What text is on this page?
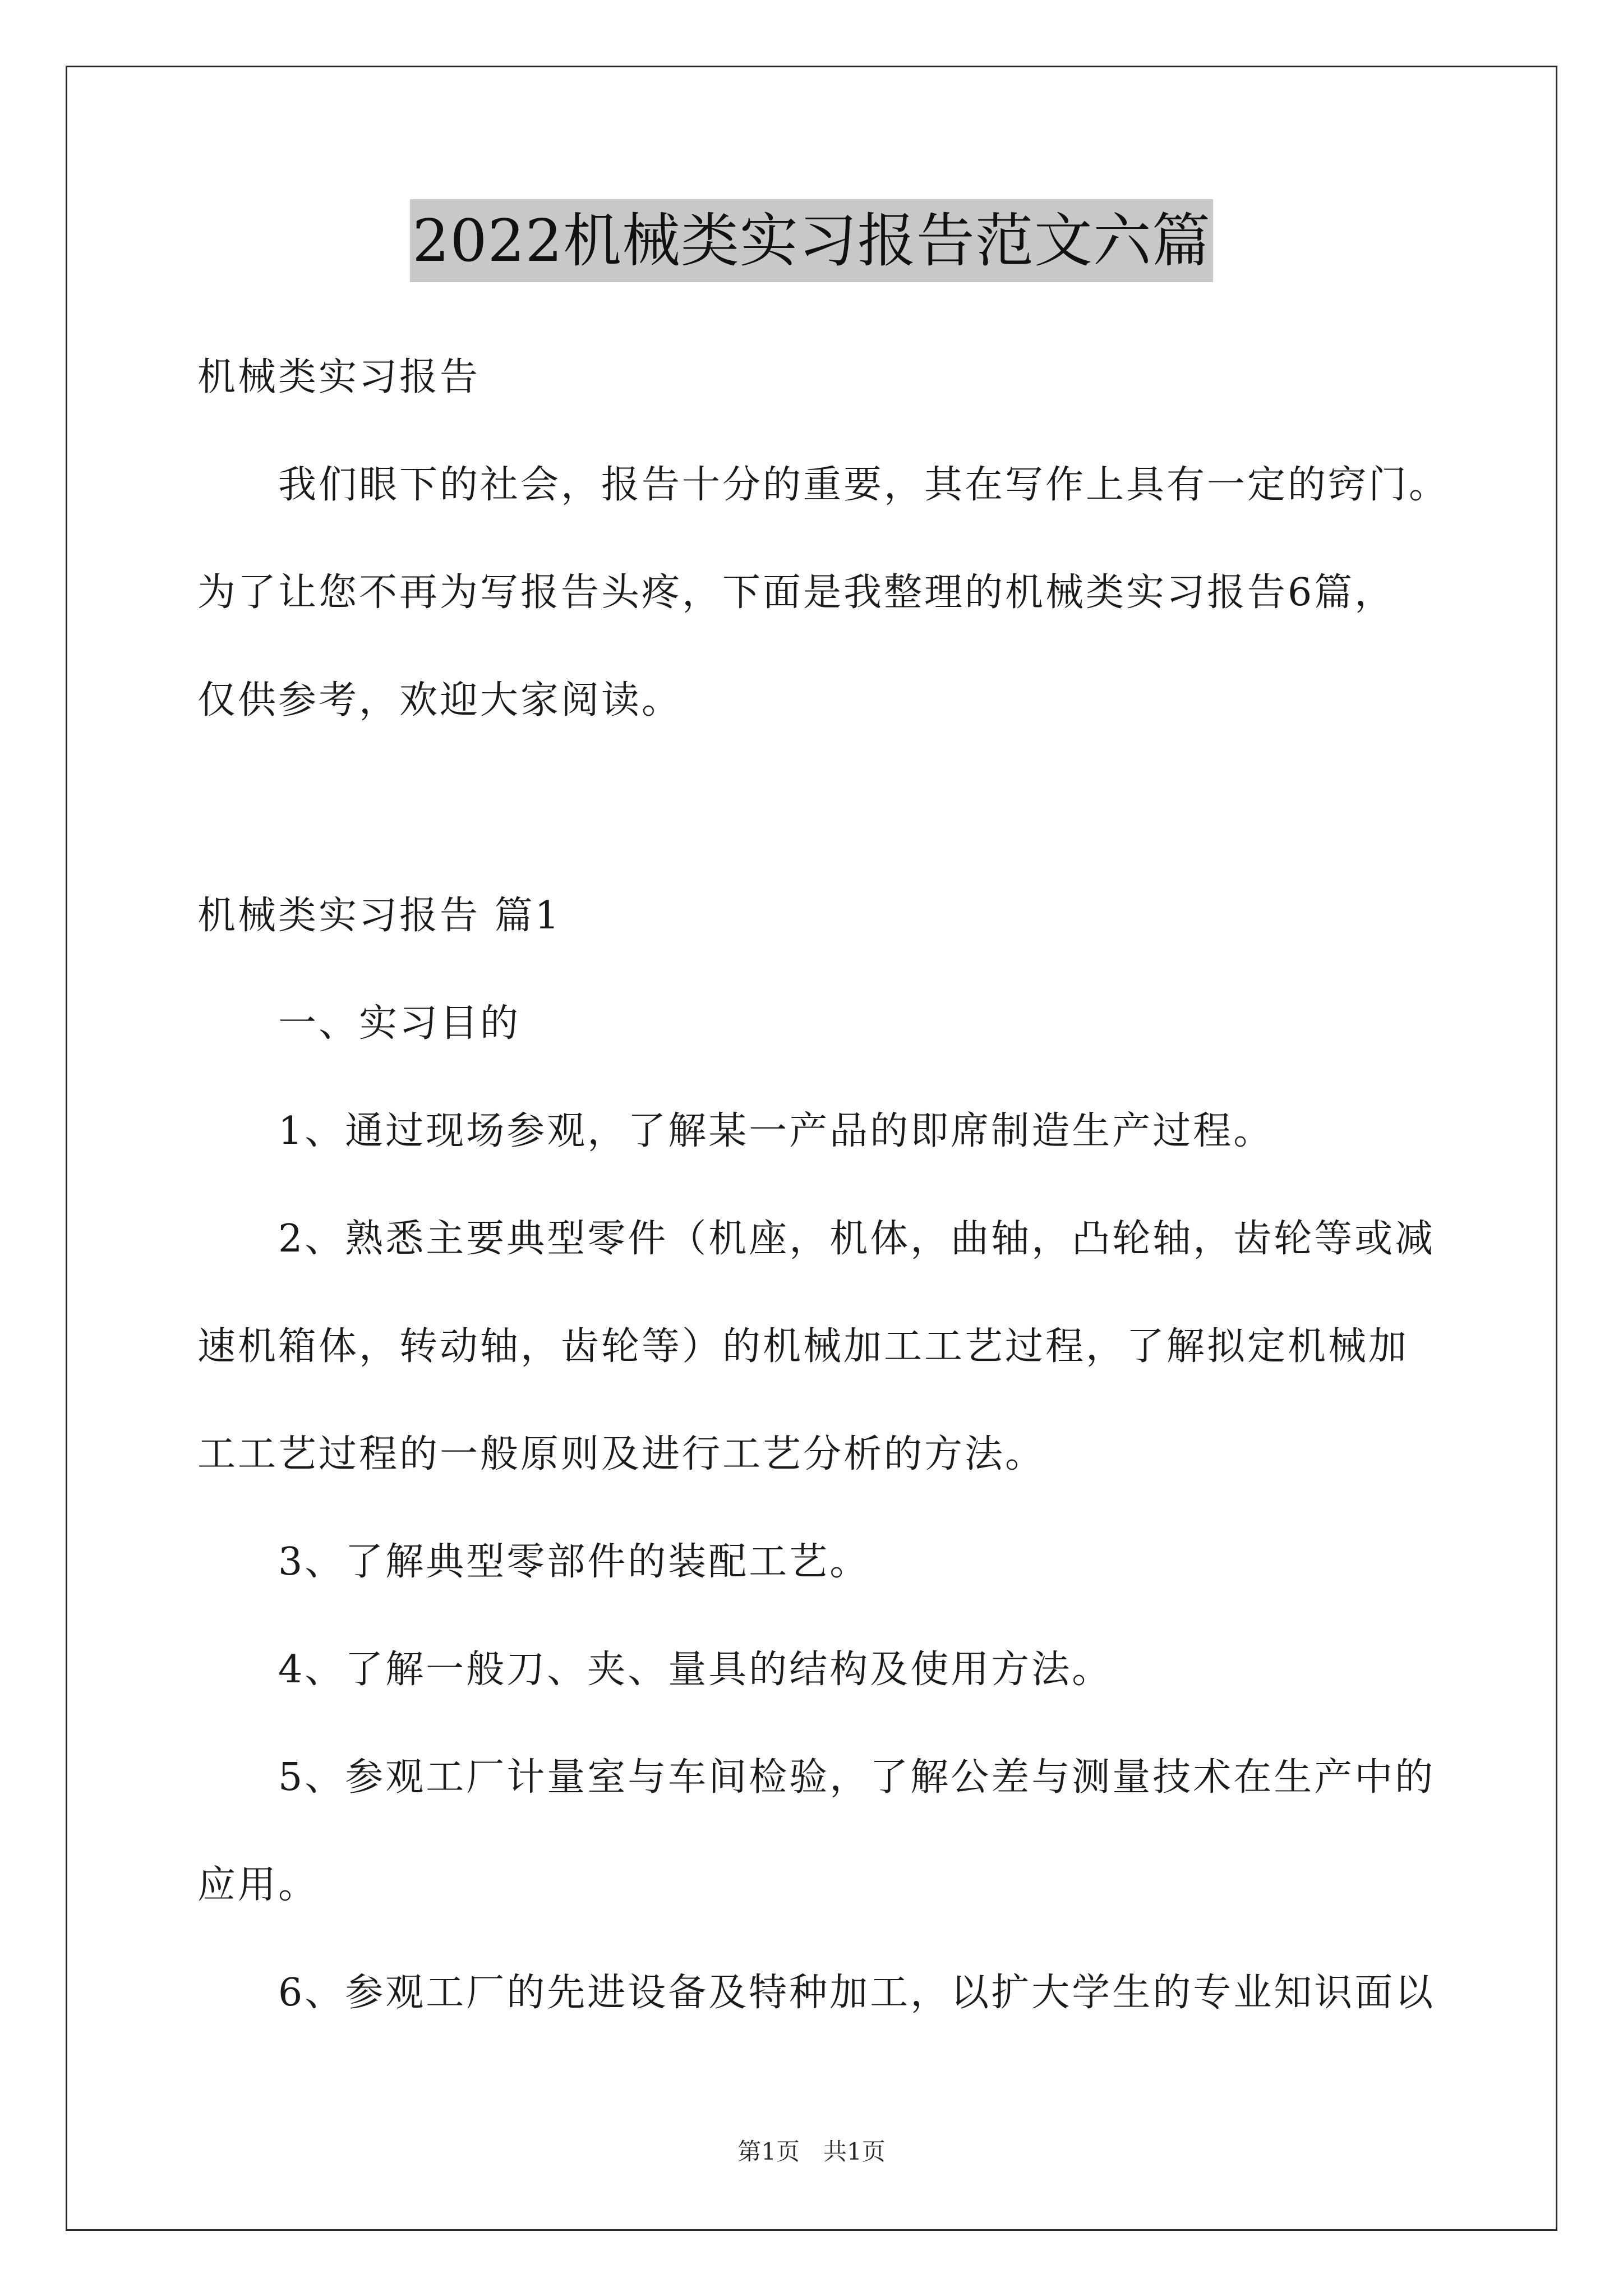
2022机械类实习报告范文六篇
机械类实习报告
我们眼下的社会，报告十分的重要，其在写作上具有一定的窍门。
为了让您不再为写报告头疼，下面是我整理的机械类实习报告6篇，
仅供参考，欢迎大家阅读。
机械类实习报告 篇1
一、实习目的
1、通过现场参观，了解某一产品的即席制造生产过程。
2、熟悉主要典型零件（机座，机体，曲轴，凸轮轴，齿轮等或减
速机箱体，转动轴，齿轮等）的机械加工工艺过程，了解拟定机械加
工工艺过程的一般原则及进行工艺分析的方法。
3、了解典型零部件的装配工艺。
4、了解一般刀、夹、量具的结构及使用方法。
5、参观工厂计量室与车间检验，了解公差与测量技术在生产中的
应用。
6、参观工厂的先进设备及特种加工，以扩大学生的专业知识面以
第1页　共1页
